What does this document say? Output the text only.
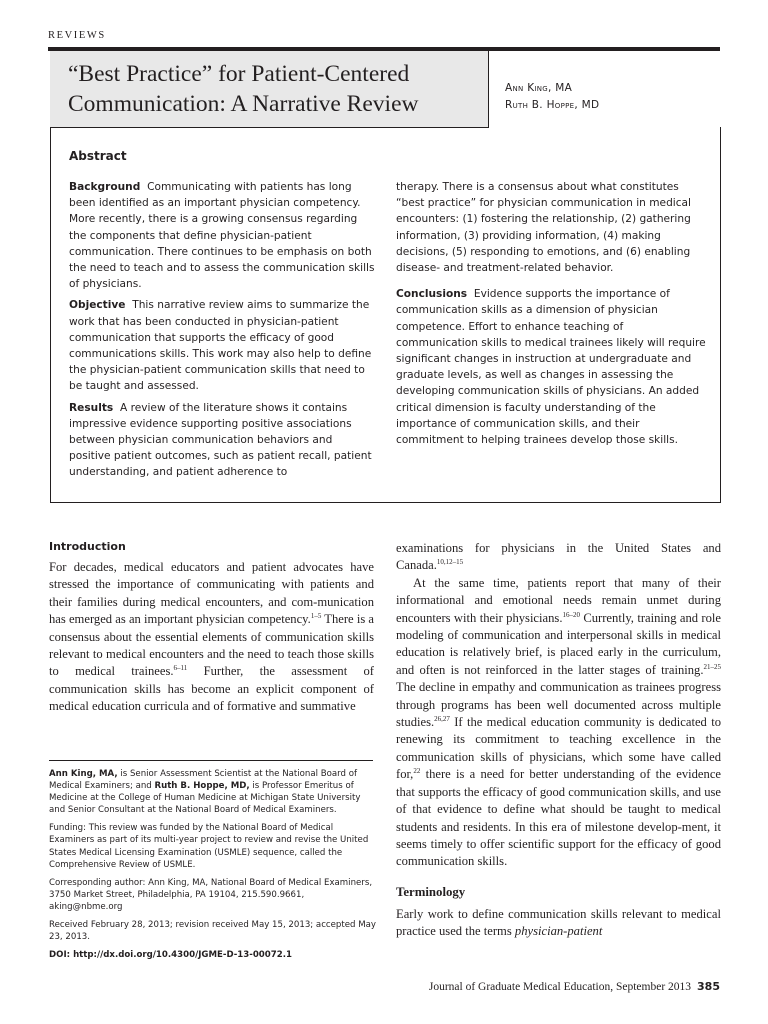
REVIEWS
“Best Practice” for Patient-Centered
Communication: A Narrative Review
Ann King, MA
Ruth B. Hoppe, MD
Abstract

Background Communicating with patients has long been identified as an important physician competency. More recently, there is a growing consensus regarding the components that define physician-patient communication. There continues to be emphasis on both the need to teach and to assess the communication skills of physicians.

Objective This narrative review aims to summarize the work that has been conducted in physician-patient communication that supports the efficacy of good communications skills. This work may also help to define the physician-patient communication skills that need to be taught and assessed.

Results A review of the literature shows it contains impressive evidence supporting positive associations between physician communication behaviors and positive patient outcomes, such as patient recall, patient understanding, and patient adherence to

therapy. There is a consensus about what constitutes “best practice” for physician communication in medical encounters: (1) fostering the relationship, (2) gathering information, (3) providing information, (4) making decisions, (5) responding to emotions, and (6) enabling disease- and treatment-related behavior.

Conclusions Evidence supports the importance of communication skills as a dimension of physician competence. Effort to enhance teaching of communication skills to medical trainees likely will require significant changes in instruction at undergraduate and graduate levels, as well as changes in assessing the developing communication skills of physicians. An added critical dimension is faculty understanding of the importance of communication skills, and their commitment to helping trainees develop those skills.

Introduction

For decades, medical educators and patient advocates have stressed the importance of communicating with patients and their families during medical encounters, and com-munication has emerged as an important physician competency.$^{1-5}$ There is a consensus about the essential elements of communication skills relevant to medical encounters and the need to teach those skills to medical trainees.$^{6-11}$ Further, the assessment of communication skills has become an explicit component of medical education curricula and of formative and summative

examinations for physicians in the United States and Canada.$^{10,12-15}$

At the same time, patients report that many of their informational and emotional needs remain unmet during encounters with their physicians.$^{16-20}$ Currently, training and role modeling of communication and interpersonal skills in medical education is relatively brief, is placed early in the curriculum, and often is not reinforced in the latter stages of training.$^{21-25}$ The decline in empathy and communication as trainees progress through programs has been well documented across multiple studies.$^{26,27}$ If the medical education community is dedicated to renewing its commitment to teaching excellence in the communication skills of physicians, which some have called for,$^{22}$ there is a need for better understanding of the evidence that supports the efficacy of good communication skills, and use of that evidence to define what should be taught to medical students and residents. In this era of milestone develop-ment, it seems timely to offer scientific support for the efficacy of good communication skills.

Terminology

Early work to define communication skills relevant to medical practice used the terms physician-patient

Ann King, MA, is Senior Assessment Scientist at the National Board of Medical Examiners; and Ruth B. Hoppe, MD, is Professor Emeritus of Medicine at the College of Human Medicine at Michigan State University and Senior Consultant at the National Board of Medical Examiners.

Funding: This review was funded by the National Board of Medical Examiners as part of its multi-year project to review and revise the United States Medical Licensing Examination (USMLE) sequence, called the Comprehensive Review of USMLE.

Corresponding author: Ann King, MA, National Board of Medical Examiners, 3750 Market Street, Philadelphia, PA 19104, 215.590.9661, aking@nbme.org

Received February 28, 2013; revision received May 15, 2013; accepted May 23, 2013.

DOI: http://dx.doi.org/10.4300/JGME-D-13-00072.1

Journal of Graduate Medical Education, September 2013 385
